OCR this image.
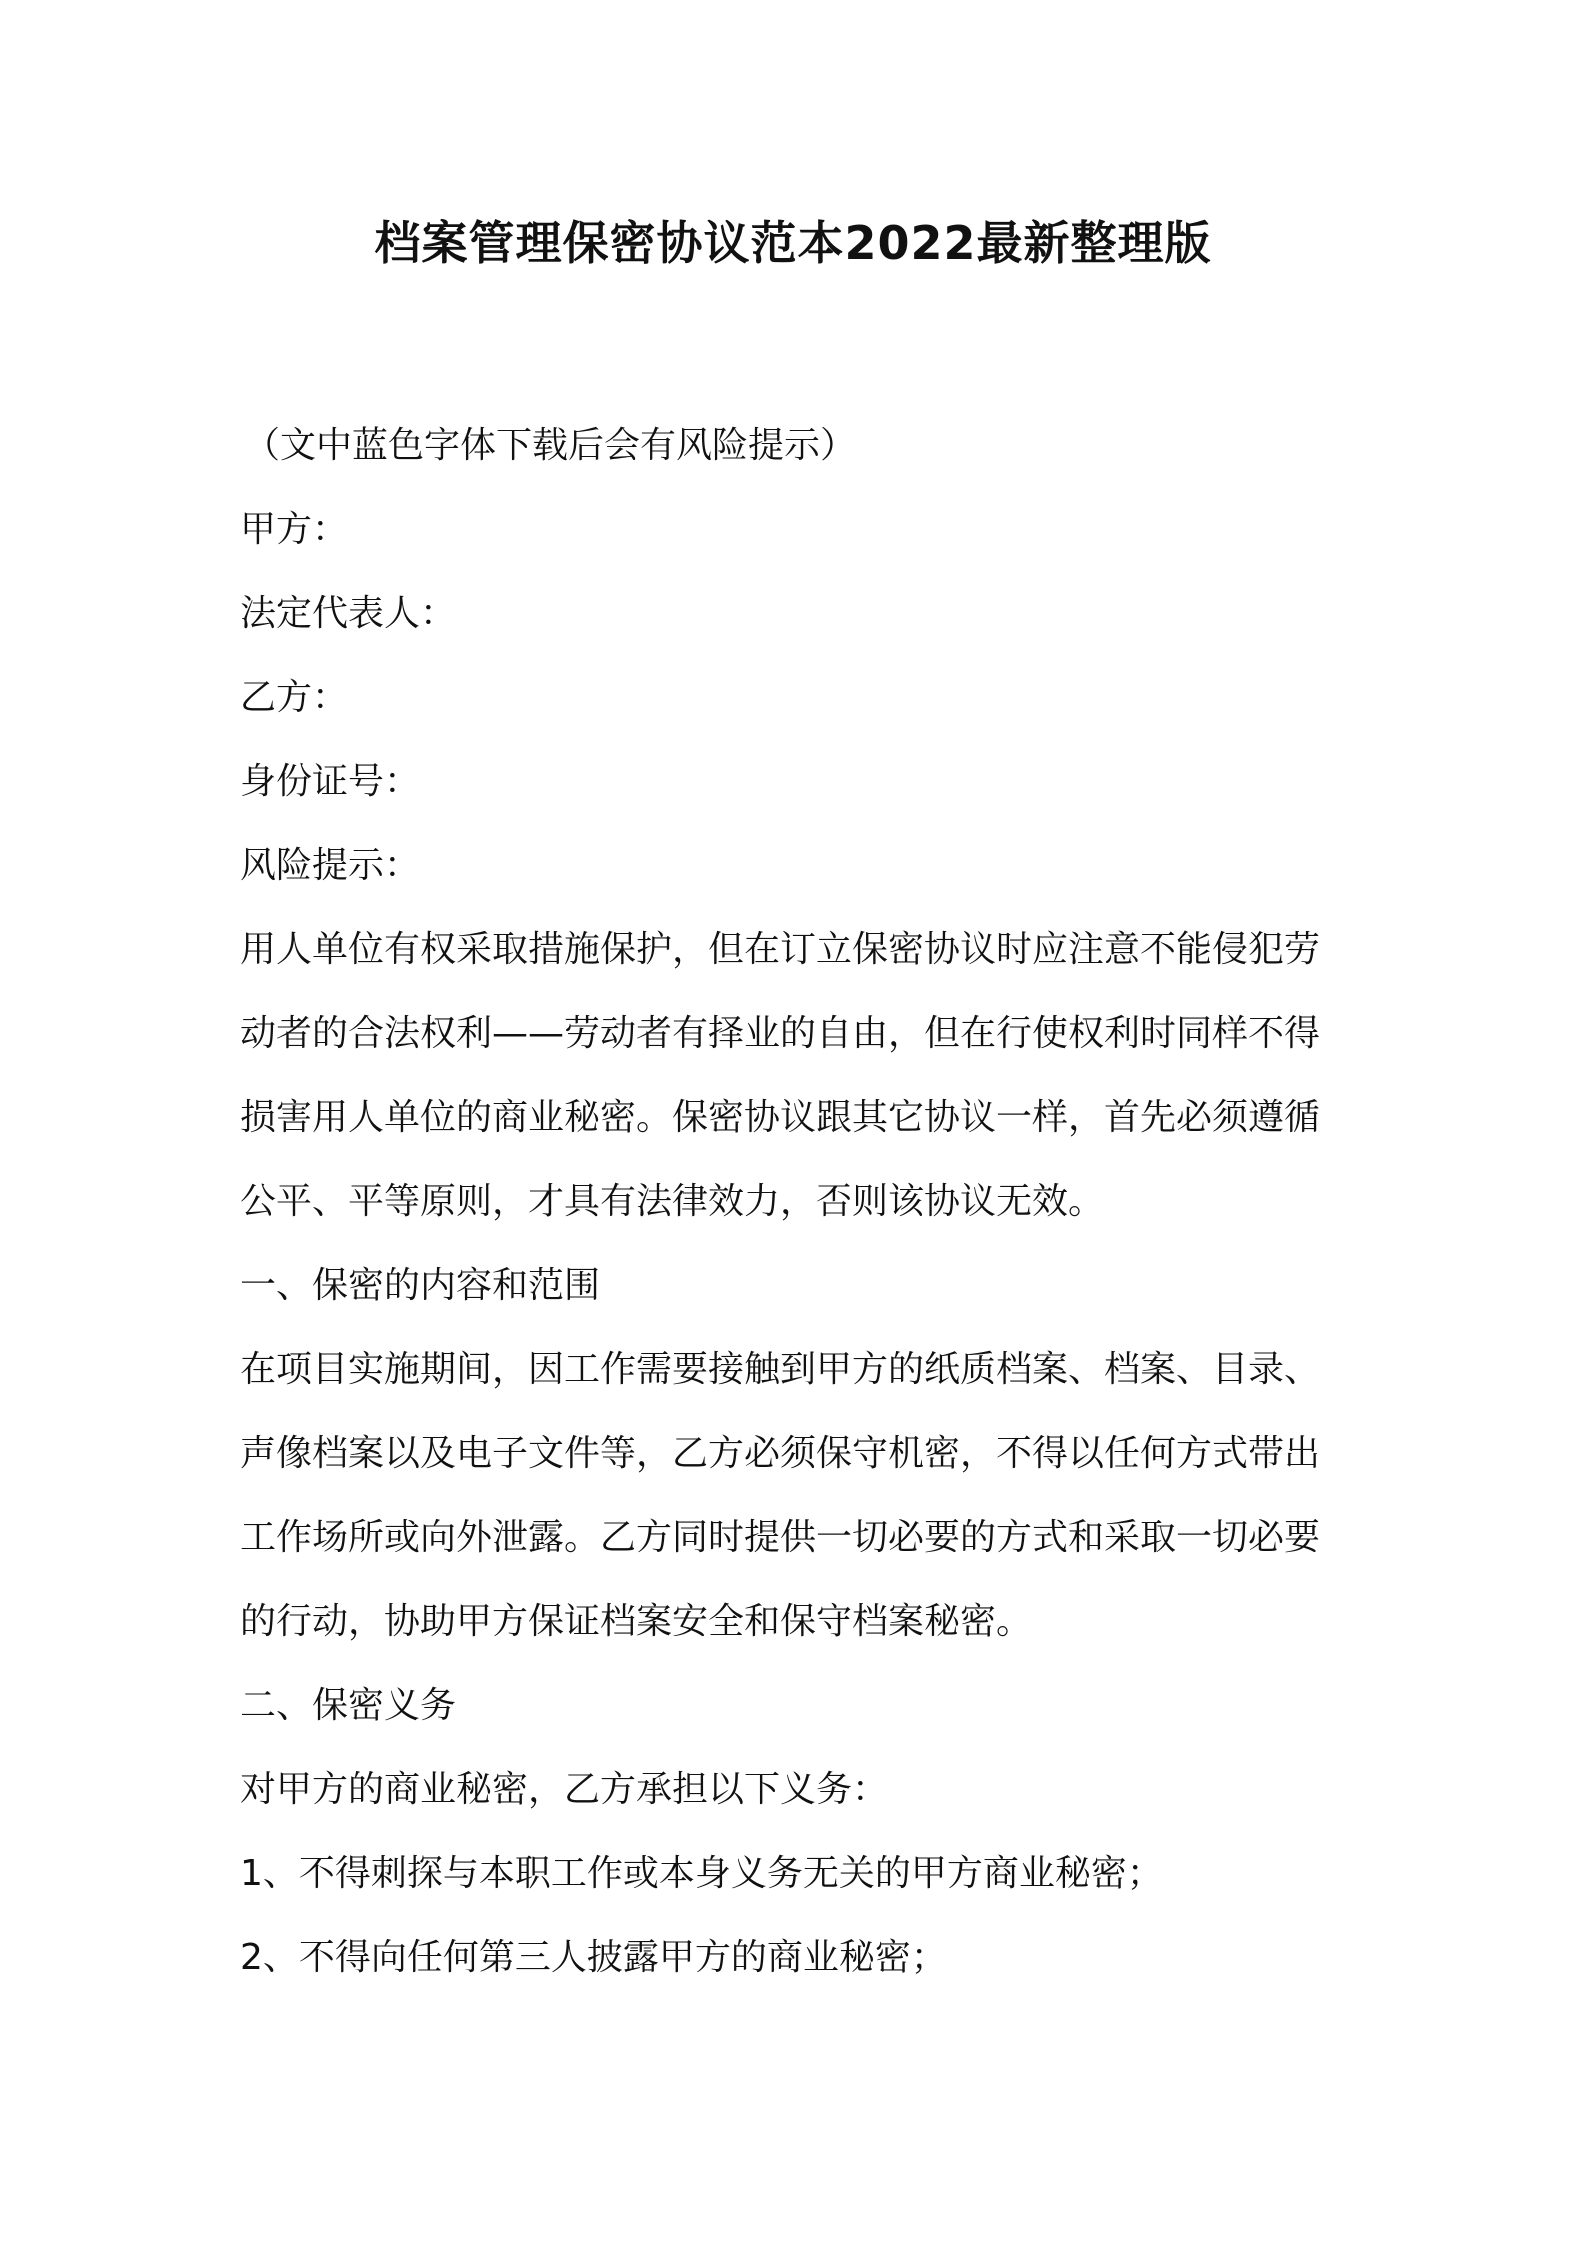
档案管理保密协议范本2022最新整理版

（文中蓝色字体下载后会有风险提示）

甲方：

法定代表人：

乙方：

身份证号：

风险提示：

用人单位有权采取措施保护，但在订立保密协议时应注意不能侵犯劳

动者的合法权利——劳动者有择业的自由，但在行使权利时同样不得

损害用人单位的商业秘密。保密协议跟其它协议一样，首先必须遵循

公平、平等原则，才具有法律效力，否则该协议无效。

一、保密的内容和范围

在项目实施期间，因工作需要接触到甲方的纸质档案、档案、目录、

声像档案以及电子文件等，乙方必须保守机密，不得以任何方式带出

工作场所或向外泄露。乙方同时提供一切必要的方式和采取一切必要

的行动，协助甲方保证档案安全和保守档案秘密。

二、保密义务

对甲方的商业秘密，乙方承担以下义务：

1、不得刺探与本职工作或本身义务无关的甲方商业秘密；

2、不得向任何第三人披露甲方的商业秘密；
